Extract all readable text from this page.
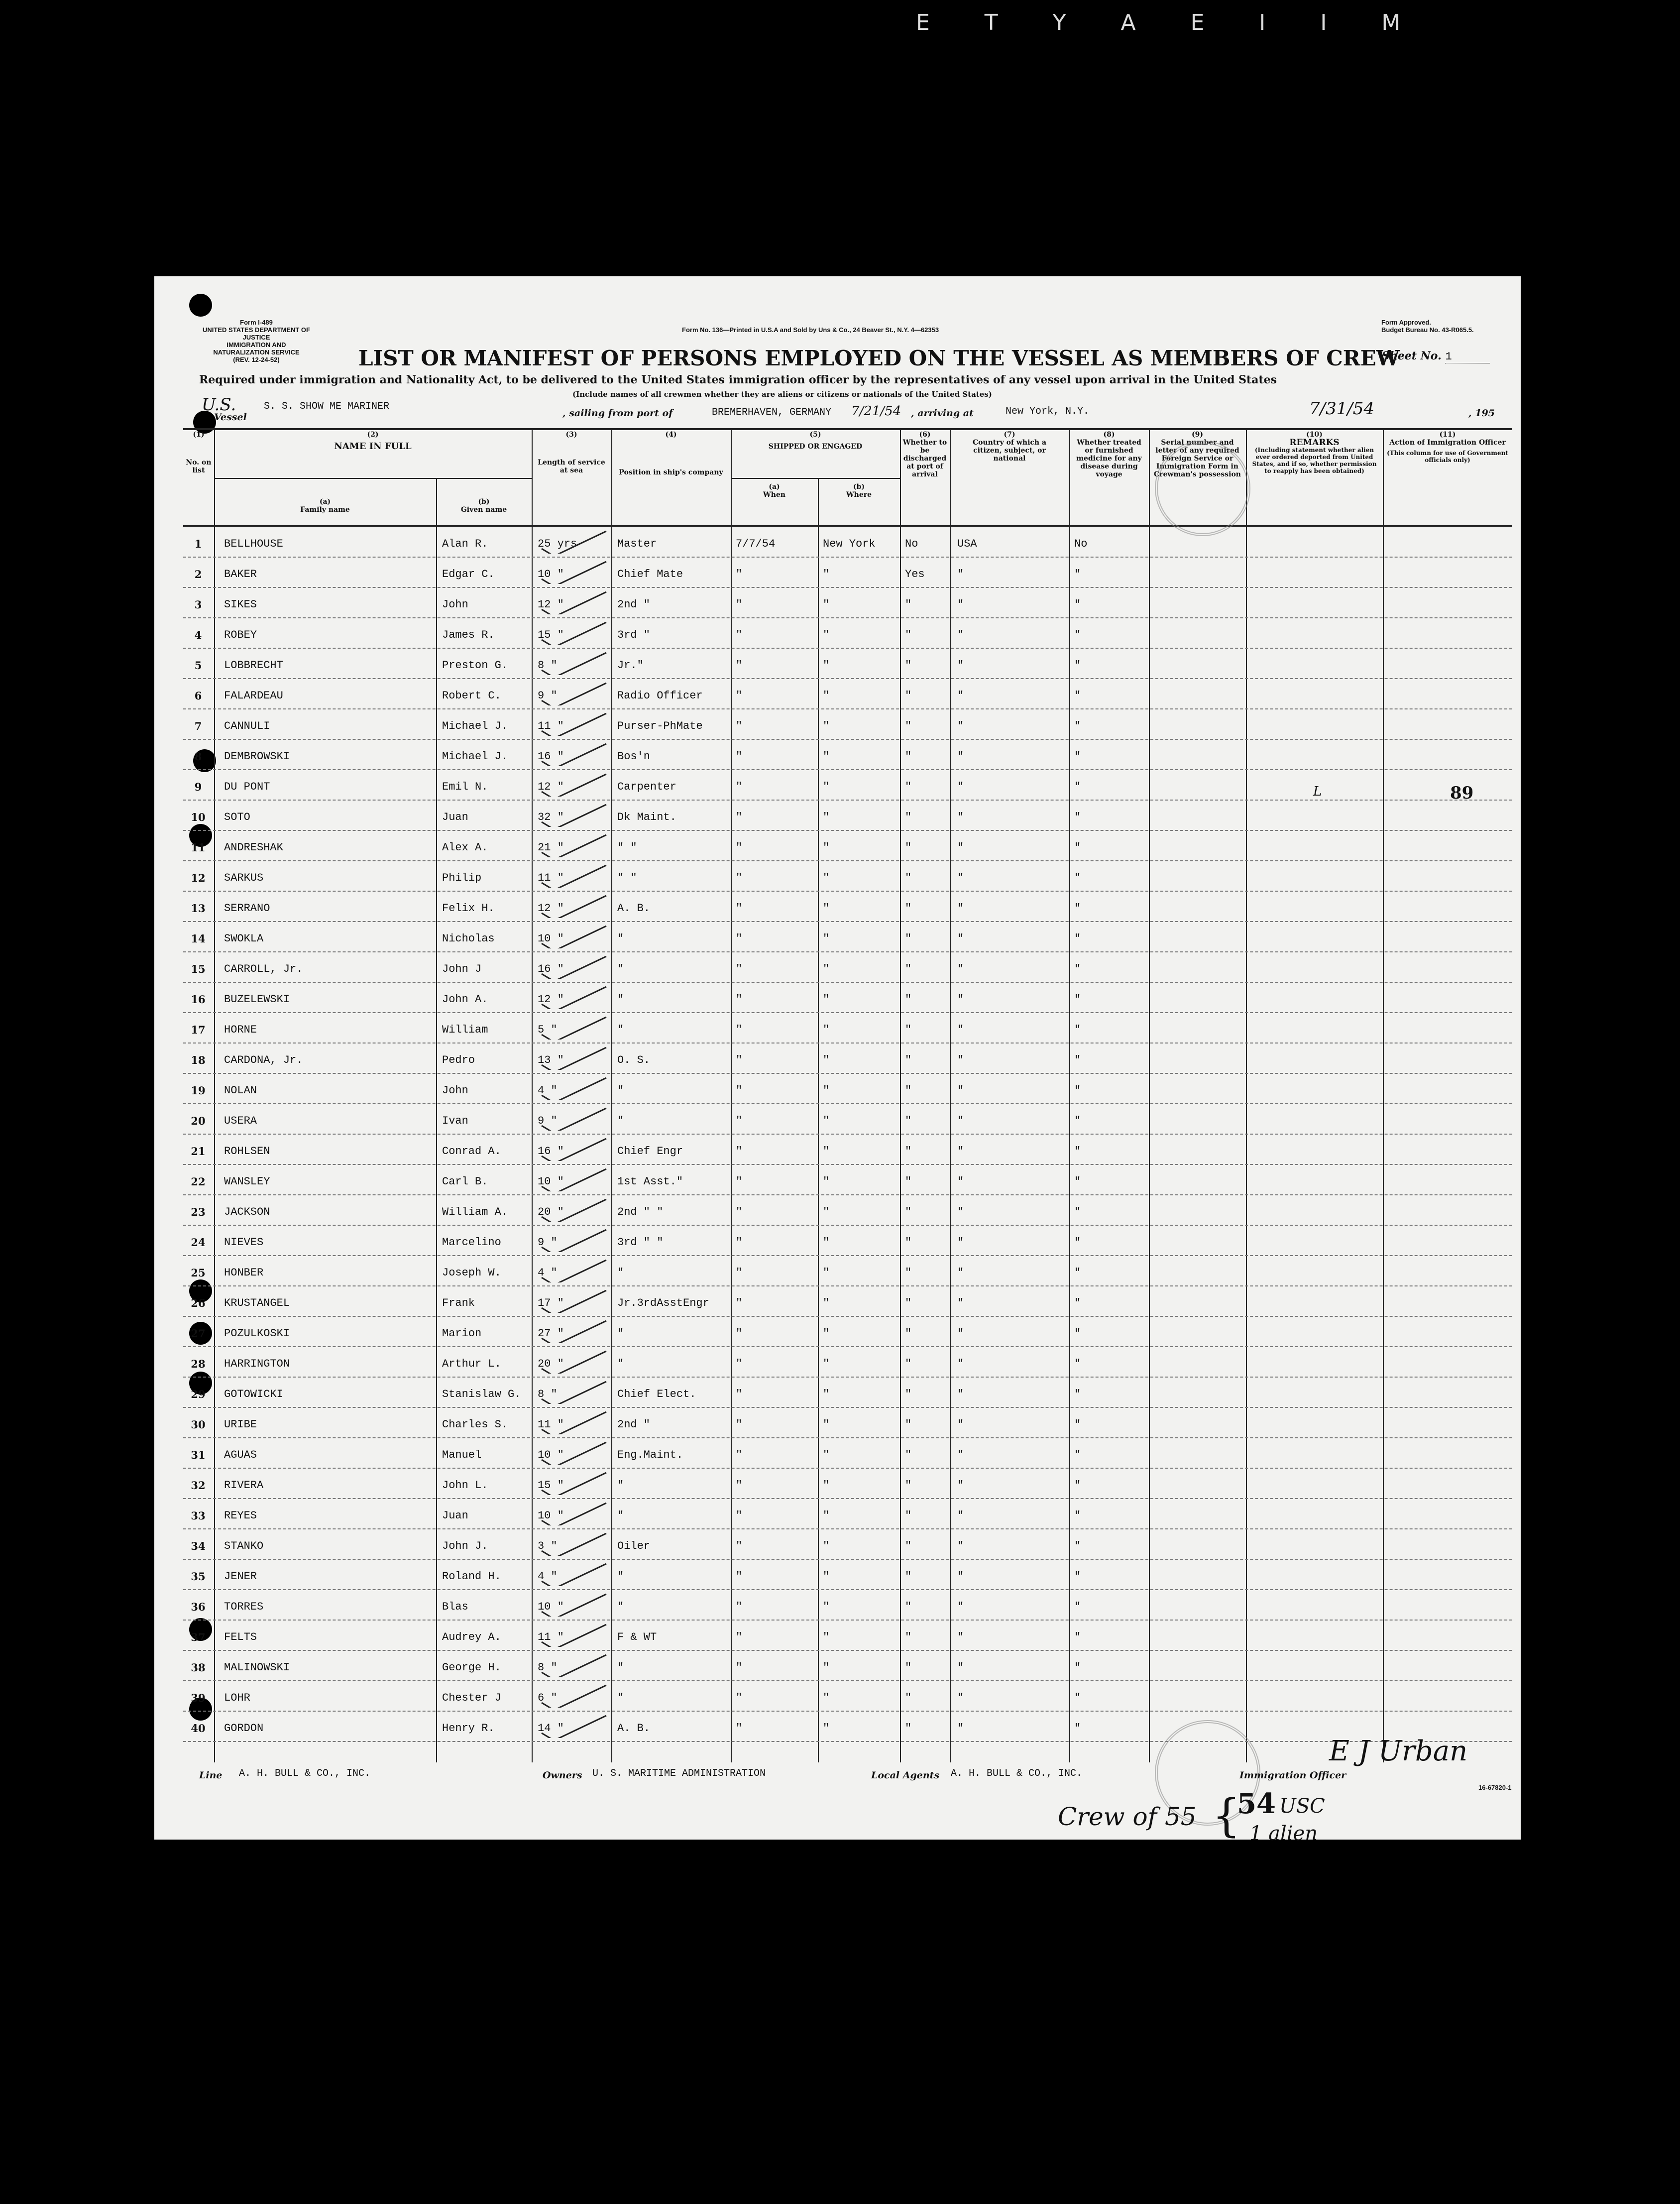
E T Y A E I I M
Form I-489
UNITED STATES DEPARTMENT OF JUSTICE
IMMIGRATION AND NATURALIZATION SERVICE
(REV. 12-24-52)
Form No. 136—Printed in U.S.A and Sold by Uns & Co., 24 Beaver St., N.Y. 4—62353
Form Approved.
Budget Bureau No. 43-R065.5.
LIST OR MANIFEST OF PERSONS EMPLOYED ON THE VESSEL AS MEMBERS OF CREW
Sheet No. 1
Required under immigration and Nationality Act, to be delivered to the United States immigration officer by the representatives of any vessel upon arrival in the United States
(Include names of all crewmen whether they are aliens or citizens or nationals of the United States)
U.S.
Vessel
S. S. SHOW ME MARINER
, sailing from port of	BREMERHAVEN, GERMANY 7/21/54 , arriving at	New York, N.Y.	7/31/54	, 195
(1)
No. on list
(2)
NAME IN FULL
(a)
Family name
(b)
Given name
(3)
Length of service at sea
(4)
Position in ship's company
(5)
SHIPPED OR ENGAGED
(a)
When
(b)
Where
(6)
Whether to be discharged at port of arrival
(7)
Country of which a citizen, subject, or national
(8)
Whether treated or furnished medicine for any disease during voyage
(9)
Serial number and letter of any required Foreign Service or Immigration Form in Crewman's possession
(10)
REMARKS
(Including statement whether alien ever ordered deported from United States, and if so, whether permission to reapply has been obtained)
(11)
Action of Immigration Officer
(This column for use of Government officials only)
1	BELLHOUSE	Alan R.	25 yrs	Master	7/7/54	New York	No	USA	No
2	BAKER	Edgar C.	10 "	Chief Mate	"	"	Yes	"	"
3	SIKES	John	12 "	2nd "	"	"	"	"	"
4	ROBEY	James R.	15 "	3rd "	"	"	"	"	"
5	LOBBRECHT	Preston G.	8 "	Jr."	"	"	"	"	"
6	FALARDEAU	Robert C.	9 "	Radio Officer	"	"	"	"	"
7	CANNULI	Michael J.	11 "	Purser-PhMate	"	"	"	"	"
8	DEMBROWSKI	Michael J.	16 "	Bos'n	"	"	"	"	"
9	DU PONT	Emil N.	12 "	Carpenter	"	"	"	"	"
10	SOTO	Juan	32 "	Dk Maint.	"	"	"	"	"
11	ANDRESHAK	Alex A.	21 "	" "	"	"	"	"	"
12	SARKUS	Philip	11 "	" "	"	"	"	"	"
13	SERRANO	Felix H.	12 "	A. B.	"	"	"	"	"
14	SWOKLA	Nicholas	10 "	"	"	"	"	"	"
15	CARROLL, Jr.	John J	16 "	"	"	"	"	"	"
16	BUZELEWSKI	John A.	12 "	"	"	"	"	"	"
17	HORNE	William	5 "	"	"	"	"	"	"
18	CARDONA, Jr.	Pedro	13 "	O. S.	"	"	"	"	"
19	NOLAN	John	4 "	"	"	"	"	"	"
20	USERA	Ivan	9 "	"	"	"	"	"	"
21	ROHLSEN	Conrad A.	16 "	Chief Engr	"	"	"	"	"
22	WANSLEY	Carl B.	10 "	1st Asst."	"	"	"	"	"
23	JACKSON	William A.	20 "	2nd " "	"	"	"	"	"
24	NIEVES	Marcelino	9 "	3rd " "	"	"	"	"	"
25	HONBER	Joseph W.	4 "	"	"	"	"	"	"
26	KRUSTANGEL	Frank	17 "	Jr.3rdAsstEngr "	"	"	"	"
27	POZULKOSKI	Marion	27 "	"	"	"	"	"	"
28	HARRINGTON	Arthur L.	20 "	"	"	"	"	"	"
29	GOTOWICKI	Stanislaw G. 8 "	Chief Elect.	"	"	"	"	"
30	URIBE	Charles S.	11 "	2nd "	"	"	"	"	"
31	AGUAS	Manuel	10 "	Eng.Maint.	"	"	"	"	"
32	RIVERA	John L.	15 "	"	"	"	"	"	"
33	REYES	Juan	10 "	"	"	"	"	"	"
34	STANKO	John J.	3 "	Oiler	"	"	"	"	"
35	JENER	Roland H.	4 "	"	"	"	"	"	"
36	TORRES	Blas	10 "	"	"	"	"	"	"
37	FELTS	Audrey A.	11 "	F & WT	"	"	"	"	"
38	MALINOWSKI	George H.	8 "	"	"	"	"	"	"
39	LOHR	Chester J	6 "	"	"	"	"	"	"
40	GORDON	Henry R.	14 "	A. B.	"	"	"	"	"
L	89
Line A. H. BULL & CO., INC.	Owners U. S. MARITIME ADMINISTRATION	Local Agents A. H. BULL & CO., INC.	Immigration Officer
E J Urban
16-67820-1
Crew of 55 {
54 USC
1 alien
